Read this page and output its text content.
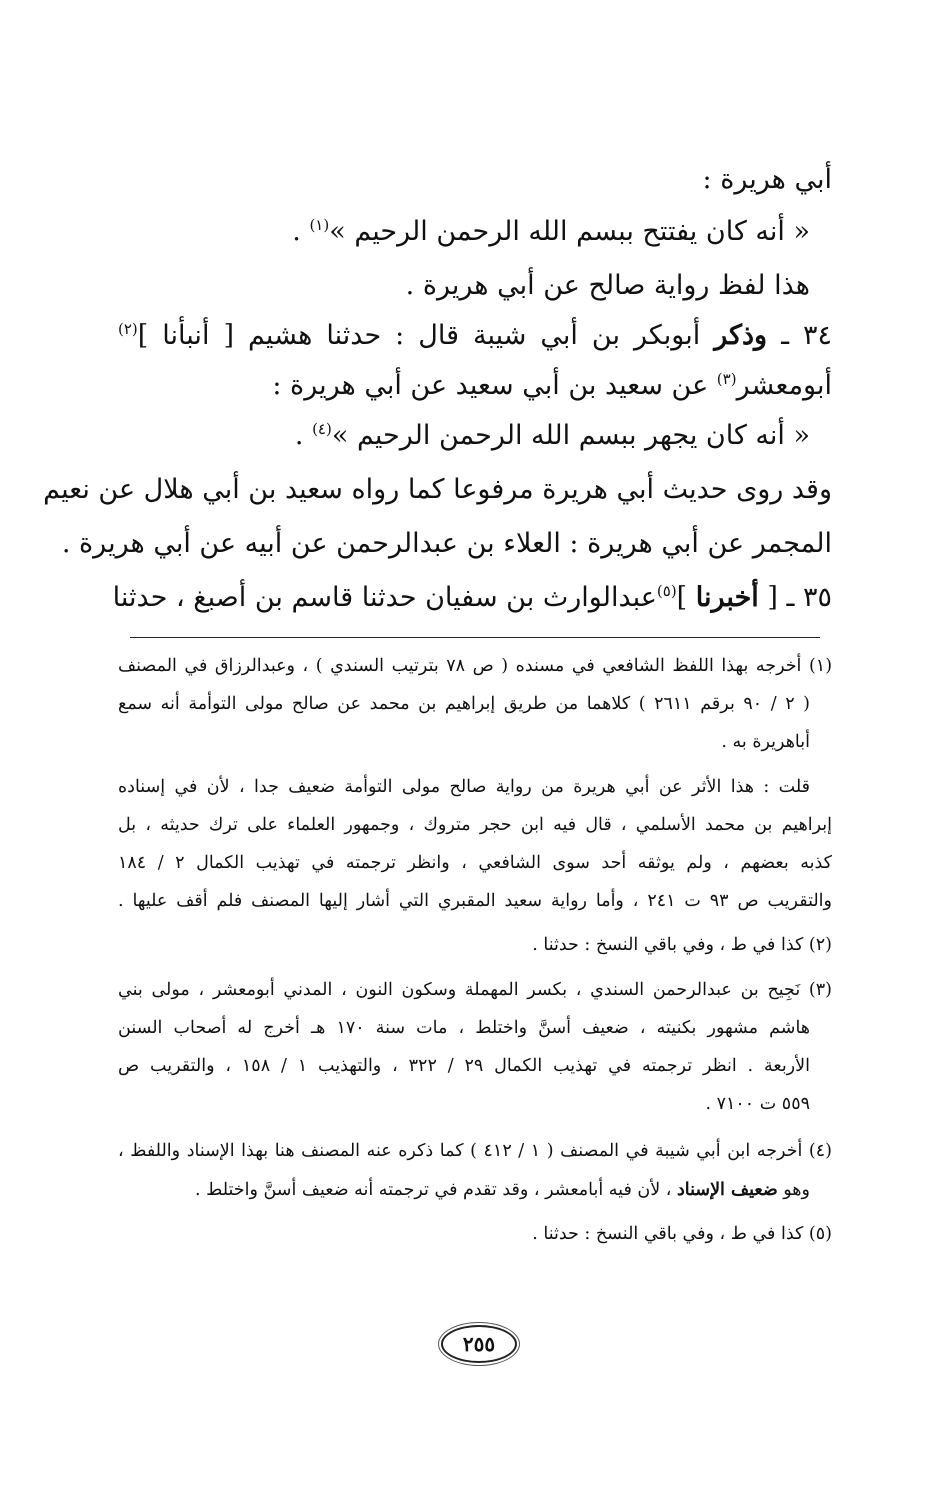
أبي هريرة :
« أنه كان يفتتح ببسم الله الرحمن الرحيم »$^{(١)}$ .
هذا لفظ رواية صالح عن أبي هريرة .
٣٤ ـ وذكر أبوبكر بن أبي شيبة قال : حدثنا هشيم [ أنبأنا ]$^{(٢)}$
أبومعشر$^{(٣)}$ عن سعيد بن أبي سعيد عن أبي هريرة :
« أنه كان يجهر ببسم الله الرحمن الرحيم »$^{(٤)}$ .
وقد روى حديث أبي هريرة مرفوعا كما رواه سعيد بن أبي هلال عن نعيم
المجمر عن أبي هريرة : العلاء بن عبدالرحمن عن أبيه عن أبي هريرة .
٣٥ ـ [ أخبرنا ]$^{(٥)}$عبدالوارث بن سفيان حدثنا قاسم بن أصبغ ، حدثنا
(١) أخرجه بهذا اللفظ الشافعي في مسنده ( ص ٧٨ بترتيب السندي ) ، وعبدالرزاق في المصنف
( ٢ / ٩٠ برقم ٢٦١١ ) كلاهما من طريق إبراهيم بن محمد عن صالح مولى التوأمة أنه سمع
أباهريرة به .
قلت : هذا الأثر عن أبي هريرة من رواية صالح مولى التوأمة ضعيف جدا ، لأن في إسناده
إبراهيم بن محمد الأسلمي ، قال فيه ابن حجر متروك ، وجمهور العلماء على ترك حديثه ، بل
كذبه بعضهم ، ولم يوثقه أحد سوى الشافعي ، وانظر ترجمته في تهذيب الكمال ٢ / ١٨٤
والتقريب ص ٩٣ ت ٢٤١ ، وأما رواية سعيد المقبري التي أشار إليها المصنف فلم أقف عليها .
(٢) كذا في ط ، وفي باقي النسخ : حدثنا .
(٣) نَجِيح بن عبدالرحمن السندي ، بكسر المهملة وسكون النون ، المدني أبومعشر ، مولى بني
هاشم مشهور بكنيته ، ضعيف أسنَّ واختلط ، مات سنة ١٧٠ هـ أخرج له أصحاب السنن
الأربعة . انظر ترجمته في تهذيب الكمال ٢٩ / ٣٢٢ ، والتهذيب ١ / ١٥٨ ، والتقريب ص
٥٥٩ ت ٧١٠٠ .
(٤) أخرجه ابن أبي شيبة في المصنف ( ١ / ٤١٢ ) كما ذكره عنه المصنف هنا بهذا الإسناد واللفظ ،
وهو ضعيف الإسناد ، لأن فيه أبامعشر ، وقد تقدم في ترجمته أنه ضعيف أسنَّ واختلط .
(٥) كذا في ط ، وفي باقي النسخ : حدثنا .
٢٥٥
